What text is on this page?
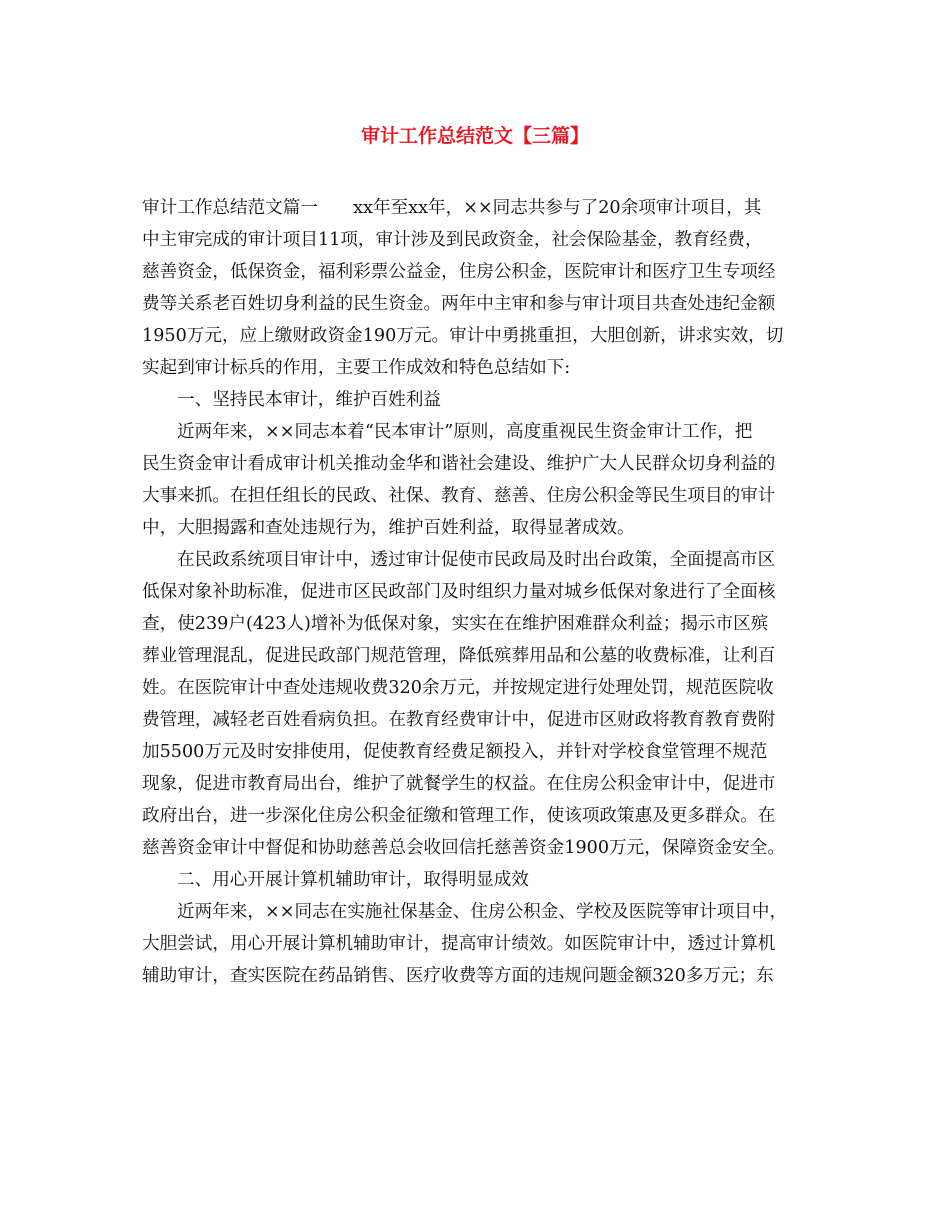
审计工作总结范文【三篇】
审计工作总结范文篇一　　xx年至xx年，××同志共参与了20余项审计项目，其
中主审完成的审计项目11项，审计涉及到民政资金，社会保险基金，教育经费，
慈善资金，低保资金，福利彩票公益金，住房公积金，医院审计和医疗卫生专项经
费等关系老百姓切身利益的民生资金。两年中主审和参与审计项目共查处违纪金额
1950万元，应上缴财政资金190万元。审计中勇挑重担，大胆创新，讲求实效，切
实起到审计标兵的作用，主要工作成效和特色总结如下:
一、坚持民本审计，维护百姓利益
近两年来，××同志本着“民本审计”原则，高度重视民生资金审计工作，把
民生资金审计看成审计机关推动金华和谐社会建设、维护广大人民群众切身利益的
大事来抓。在担任组长的民政、社保、教育、慈善、住房公积金等民生项目的审计
中，大胆揭露和查处违规行为，维护百姓利益，取得显著成效。
在民政系统项目审计中，透过审计促使市民政局及时出台政策，全面提高市区
低保对象补助标准，促进市区民政部门及时组织力量对城乡低保对象进行了全面核
查，使239户(423人)增补为低保对象，实实在在维护困难群众利益；揭示市区殡
葬业管理混乱，促进民政部门规范管理，降低殡葬用品和公墓的收费标准，让利百
姓。在医院审计中查处违规收费320余万元，并按规定进行处理处罚，规范医院收
费管理，减轻老百姓看病负担。在教育经费审计中，促进市区财政将教育教育费附
加5500万元及时安排使用，促使教育经费足额投入，并针对学校食堂管理不规范
现象，促进市教育局出台，维护了就餐学生的权益。在住房公积金审计中，促进市
政府出台，进一步深化住房公积金征缴和管理工作，使该项政策惠及更多群众。在
慈善资金审计中督促和协助慈善总会收回信托慈善资金1900万元，保障资金安全。
二、用心开展计算机辅助审计，取得明显成效
近两年来，××同志在实施社保基金、住房公积金、学校及医院等审计项目中，
大胆尝试，用心开展计算机辅助审计，提高审计绩效。如医院审计中，透过计算机
辅助审计，查实医院在药品销售、医疗收费等方面的违规问题金额320多万元；东
